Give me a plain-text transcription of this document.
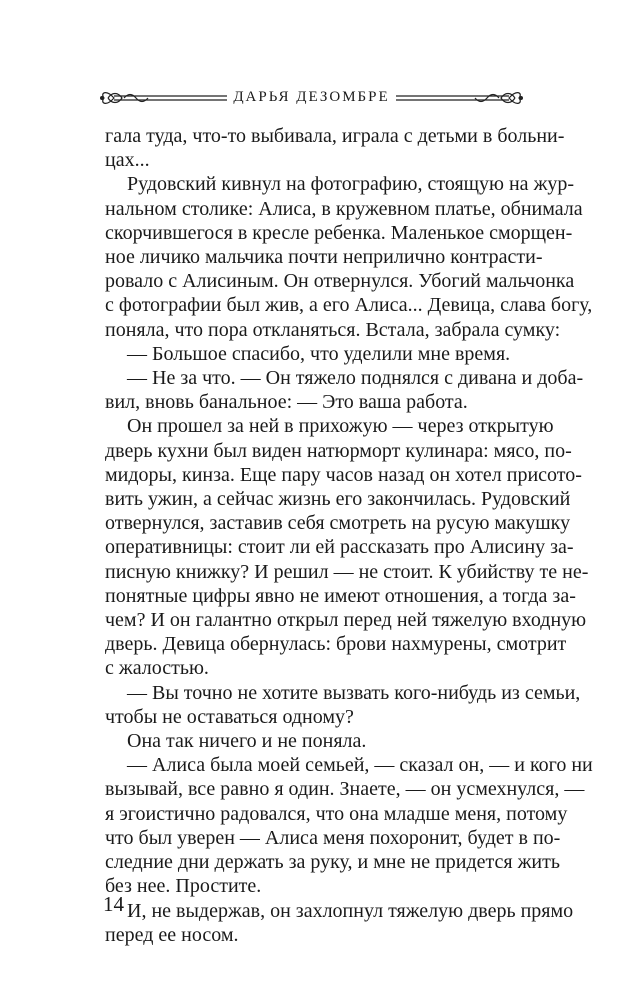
ДАРЬЯ ДЕЗОМБРЕ
гала туда, что-то выбивала, играла с детьми в больни-
цах...
Рудовский кивнул на фотографию, стоящую на жур-
нальном столике: Алиса, в кружевном платье, обнимала
скорчившегося в кресле ребенка. Маленькое сморщен-
ное личико мальчика почти неприлично контрасти-
ровало с Алисиным. Он отвернулся. Убогий мальчонка
с фотографии был жив, а его Алиса... Девица, слава богу,
поняла, что пора откланяться. Встала, забрала сумку:
— Большое спасибо, что уделили мне время.
— Не за что. — Он тяжело поднялся с дивана и доба-
вил, вновь банальное: — Это ваша работа.
Он прошел за ней в прихожую — через открытую
дверь кухни был виден натюрморт кулинара: мясо, по-
мидоры, кинза. Еще пару часов назад он хотел присото-
вить ужин, а сейчас жизнь его закончилась. Рудовский
отвернулся, заставив себя смотреть на русую макушку
оперативницы: стоит ли ей рассказать про Алисину за-
писную книжку? И решил — не стоит. К убийству те не-
понятные цифры явно не имеют отношения, а тогда за-
чем? И он галантно открыл перед ней тяжелую входную
дверь. Девица обернулась: брови нахмурены, смотрит
с жалостью.
— Вы точно не хотите вызвать кого-нибудь из семьи,
чтобы не оставаться одному?
Она так ничего и не поняла.
— Алиса была моей семьей, — сказал он, — и кого ни
вызывай, все равно я один. Знаете, — он усмехнулся, —
я эгоистично радовался, что она младше меня, потому
что был уверен — Алиса меня похоронит, будет в по-
следние дни держать за руку, и мне не придется жить
без нее. Простите.
И, не выдержав, он захлопнул тяжелую дверь прямо
перед ее носом.
14
